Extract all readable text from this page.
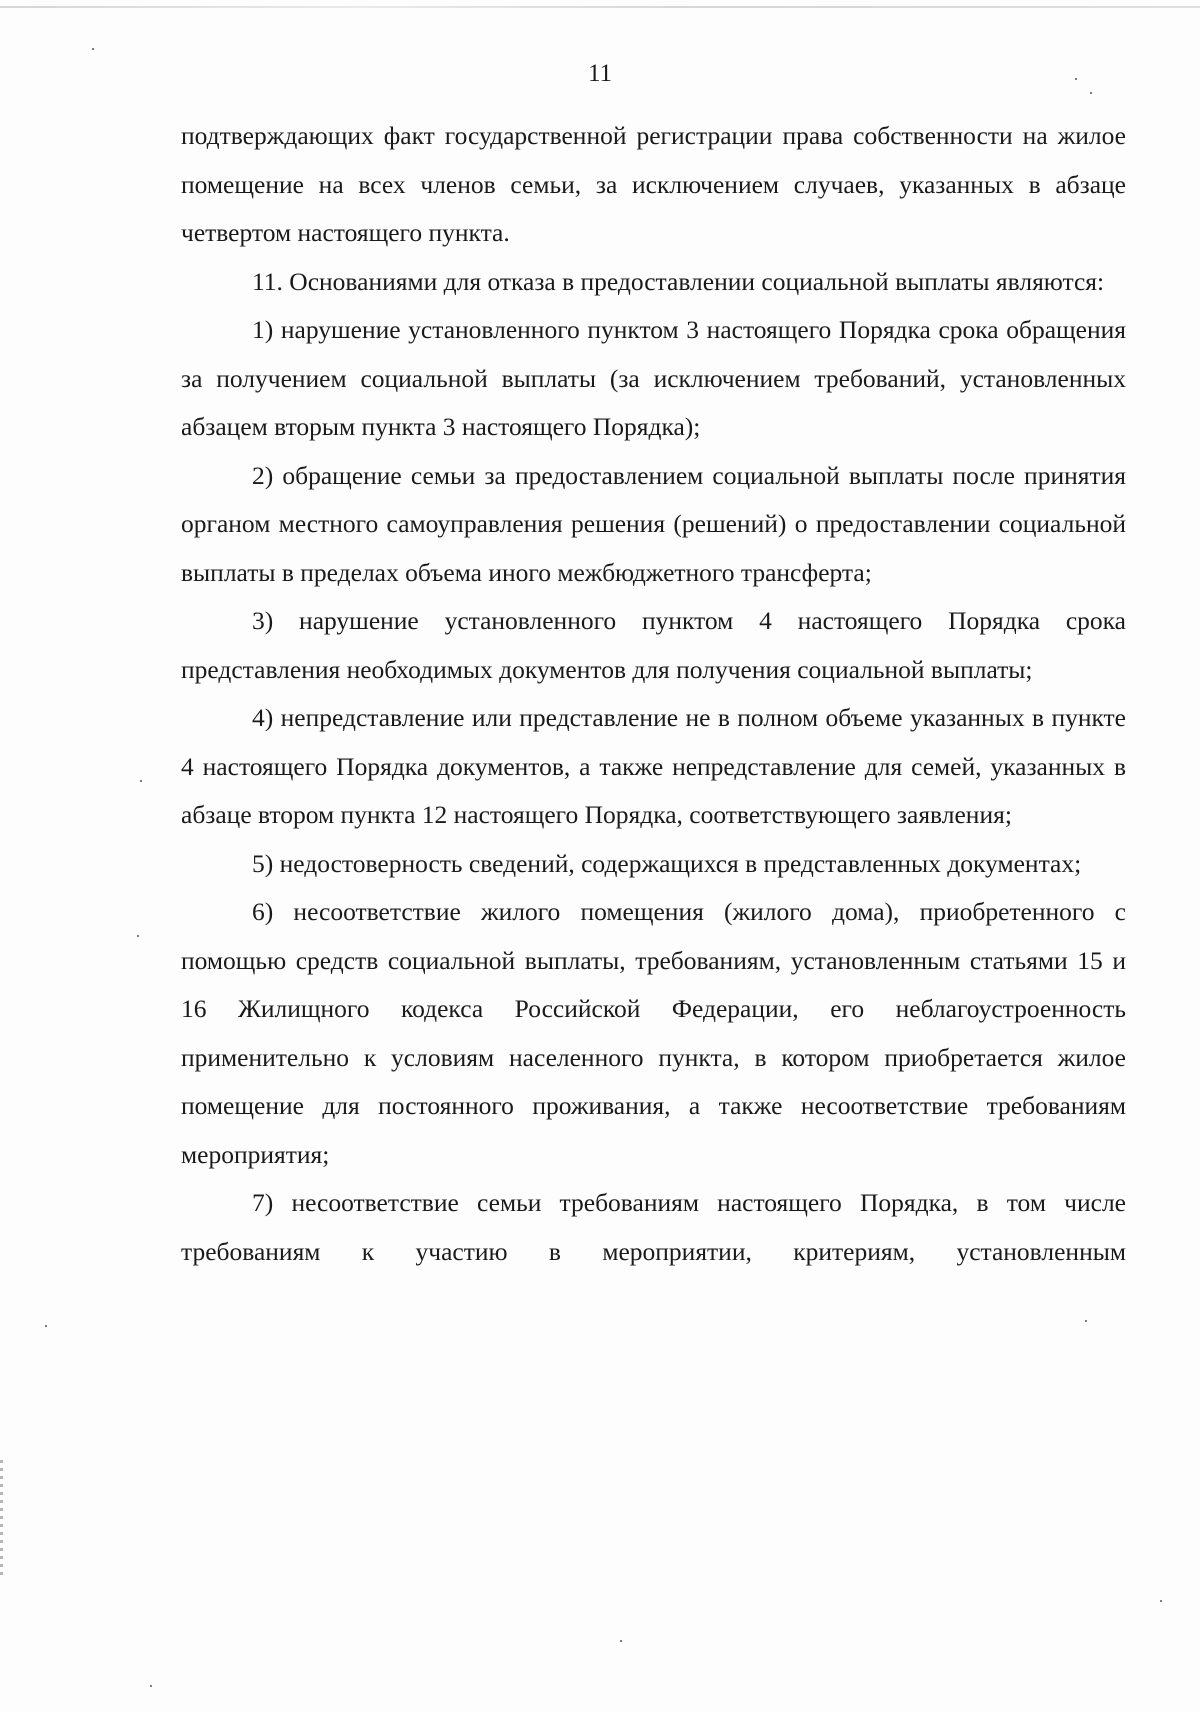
11

подтверждающих факт государственной регистрации права собственности на жилое помещение на всех членов семьи, за исключением случаев, указанных в абзаце четвертом настоящего пункта.

11. Основаниями для отказа в предоставлении социальной выплаты являются:

1) нарушение установленного пунктом 3 настоящего Порядка срока обращения за получением социальной выплаты (за исключением требований, установленных абзацем вторым пункта 3 настоящего Порядка);

2) обращение семьи за предоставлением социальной выплаты после принятия органом местного самоуправления решения (решений) о предоставлении социальной выплаты в пределах объема иного межбюджетного трансферта;

3) нарушение установленного пунктом 4 настоящего Порядка срока представления необходимых документов для получения социальной выплаты;

4) непредставление или представление не в полном объеме указанных в пункте 4 настоящего Порядка документов, а также непредставление для семей, указанных в абзаце втором пункта 12 настоящего Порядка, соответствующего заявления;

5) недостоверность сведений, содержащихся в представленных документах;

6) несоответствие жилого помещения (жилого дома), приобретенного с помощью средств социальной выплаты, требованиям, установленным статьями 15 и 16 Жилищного кодекса Российской Федерации, его неблагоустроенность применительно к условиям населенного пункта, в котором приобретается жилое помещение для постоянного проживания, а также несоответствие требованиям мероприятия;

7) несоответствие семьи требованиям настоящего Порядка, в том числе требованиям к участию в мероприятии, критериям, установленным
